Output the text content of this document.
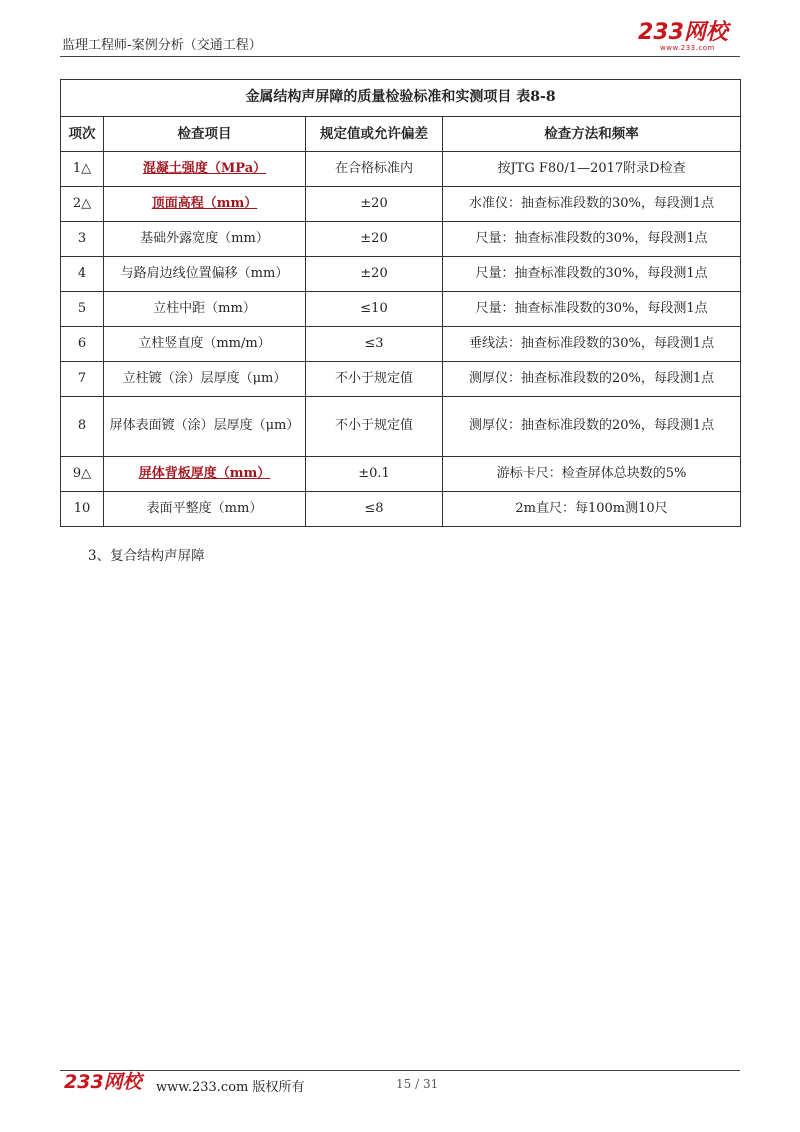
监理工程师-案例分析（交通工程）
233网校
www.233.com
金属结构声屏障的质量检验标准和实测项目 表8-8			
项次	检查项目	规定值或允许偏差	检查方法和频率
1△	混凝土强度（MPa）	在合格标准内	按JTG F80/1—2017附录D检查
2△	顶面高程（mm）	±20	水准仪：抽查标准段数的30%，每段测1点
3	基础外露宽度（mm）	±20	尺量：抽查标准段数的30%，每段测1点
4	与路肩边线位置偏移（mm）	±20	尺量：抽查标准段数的30%，每段测1点
5	立柱中距（mm）	≤10	尺量：抽查标准段数的30%，每段测1点
6	立柱竖直度（mm/m）	≤3	垂线法：抽查标准段数的30%，每段测1点
7	立柱镀（涂）层厚度（μm）	不小于规定值	测厚仪：抽查标准段数的20%，每段测1点
8	屏体表面镀（涂）层厚度（μm）	不小于规定值	测厚仪：抽查标准段数的20%，每段测1点
9△	屏体背板厚度（mm）	±0.1	游标卡尺：检查屏体总块数的5%
10	表面平整度（mm）	≤8	2m直尺：每100m测10尺
3、复合结构声屏障
233网校 www.233.com 版权所有	15 / 31
